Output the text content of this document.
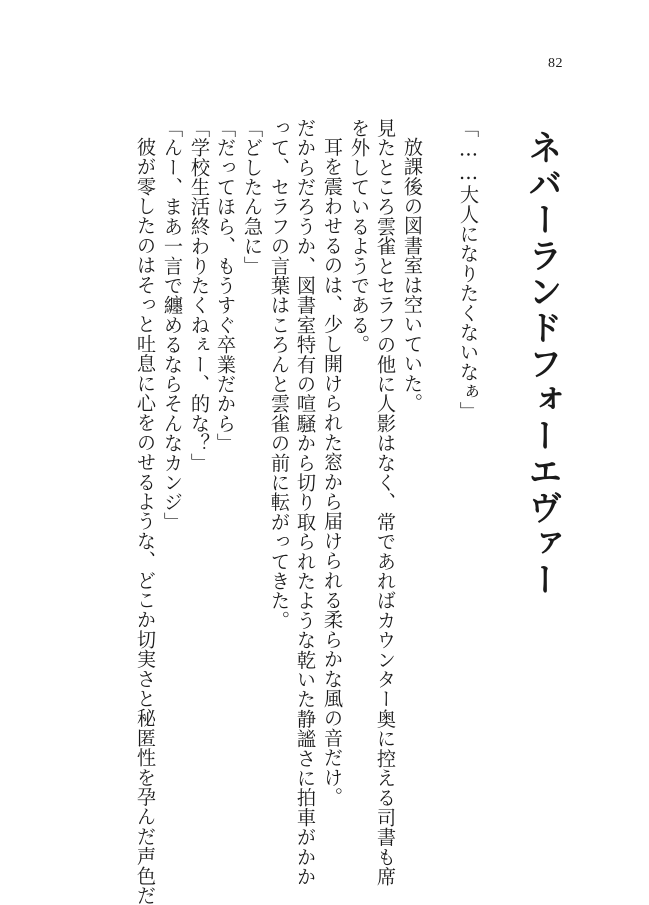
82
ネバーランドフォーエヴァー

「……大人になりたくないなぁ」

放課後の図書室は空いていた。

見たところ雲雀とセラフの他に人影はなく、常であればカウンター奥に控える司書も席

を外しているようである。

耳を震わせるのは、少し開けられた窓から届けられる柔らかな風の音だけ。

だからだろうか、図書室特有の喧騒から切り取られたような乾いた静謐さに拍車がかか

って、セラフの言葉はころんと雲雀の前に転がってきた。

「どしたん急に」

「だってほら、もうすぐ卒業だから」

「学校生活終わりたくねぇー、的な？」

「んー、まあ一言で纏めるならそんなカンジ」

彼が零したのはそっと吐息に心をのせるような、どこか切実さと秘匿性を孕んだ声色だ
